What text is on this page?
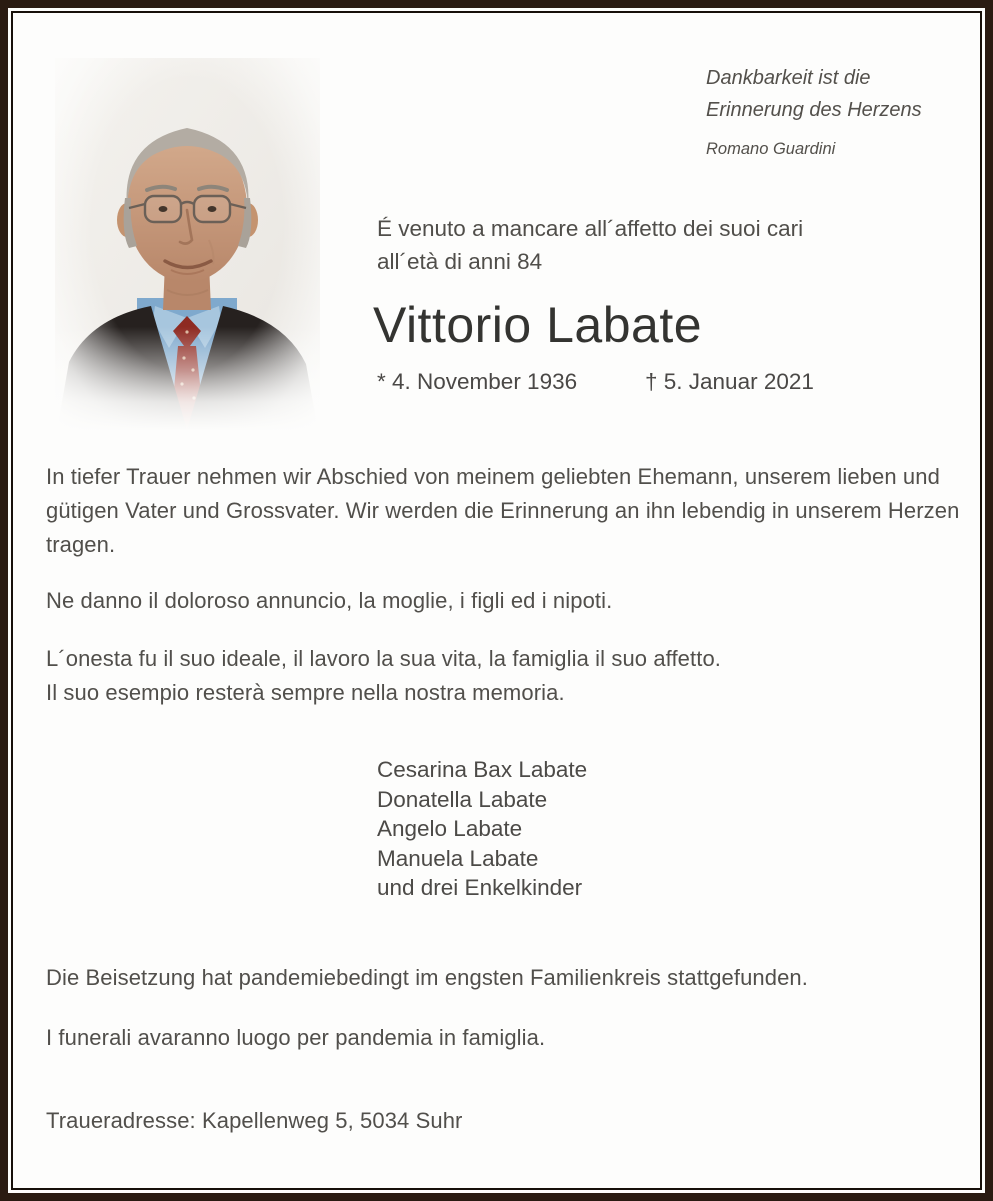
Dankbarkeit ist die
Erinnerung des Herzens
Romano Guardini
É venuto a mancare all´affetto dei suoi cari
all´età di anni 84
Vittorio Labate
* 4. November 1936	† 5. Januar 2021

In tiefer Trauer nehmen wir Abschied von meinem geliebten Ehemann, unserem lieben und gütigen Vater und Grossvater. Wir werden die Erinnerung an ihn lebendig in unserem Herzen tragen.

Ne danno il doloroso annuncio, la moglie, i figli ed i nipoti.

L´onesta fu il suo ideale, il lavoro la sua vita, la famiglia il suo affetto.
Il suo esempio resterà sempre nella nostra memoria.
Cesarina Bax Labate
Donatella Labate
Angelo Labate
Manuela Labate
und drei Enkelkinder

Die Beisetzung hat pandemiebedingt im engsten Familienkreis stattgefunden.

I funerali avaranno luogo per pandemia in famiglia.

Traueradresse: Kapellenweg 5, 5034 Suhr
